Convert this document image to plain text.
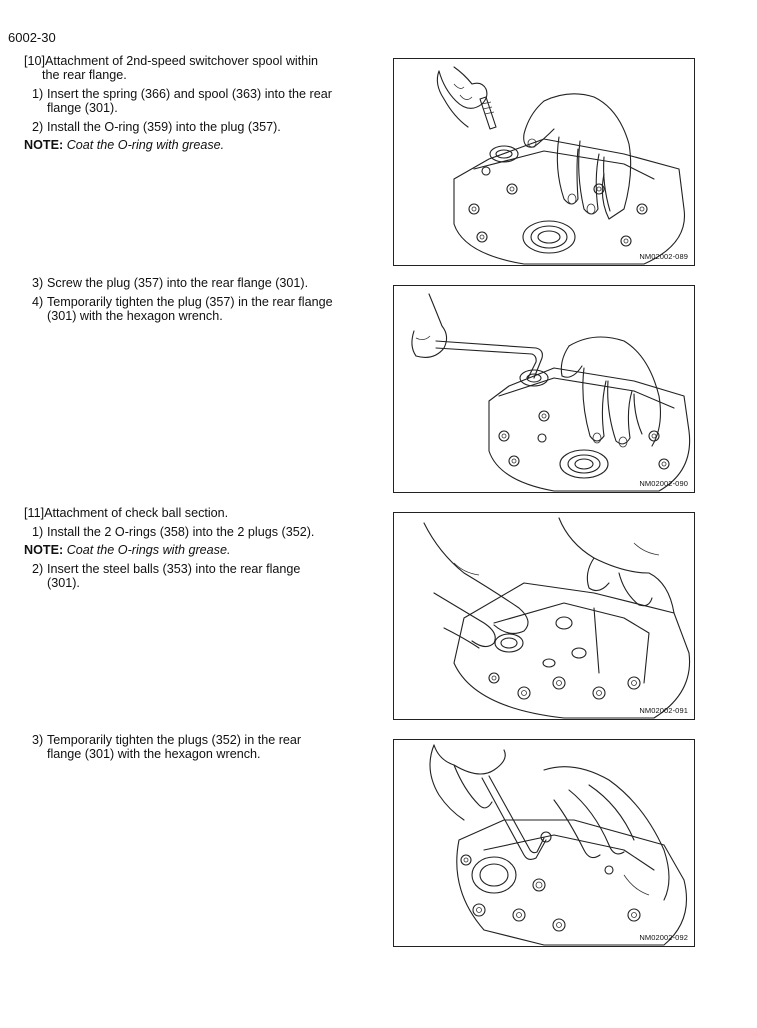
6002-30
[10]Attachment of 2nd-speed switchover spool within
the rear flange.
1) Insert the spring (366) and spool (363) into the rear
flange (301).
2) Install the O-ring (359) into the plug (357).
NOTE: Coat the O-ring with grease.
3) Screw the plug (357) into the rear flange (301).
4) Temporarily tighten the plug (357) in the rear flange
(301) with the hexagon wrench.
[11]Attachment of check ball section.
1) Install the 2 O-rings (358) into the 2 plugs (352).
NOTE: Coat the O-rings with grease.
2) Insert the steel balls (353) into the rear flange
(301).
3) Temporarily tighten the plugs (352) in the rear
flange (301) with the hexagon wrench.
NM02002-089
NM02002-090
NM02002-091
NM02002-092
